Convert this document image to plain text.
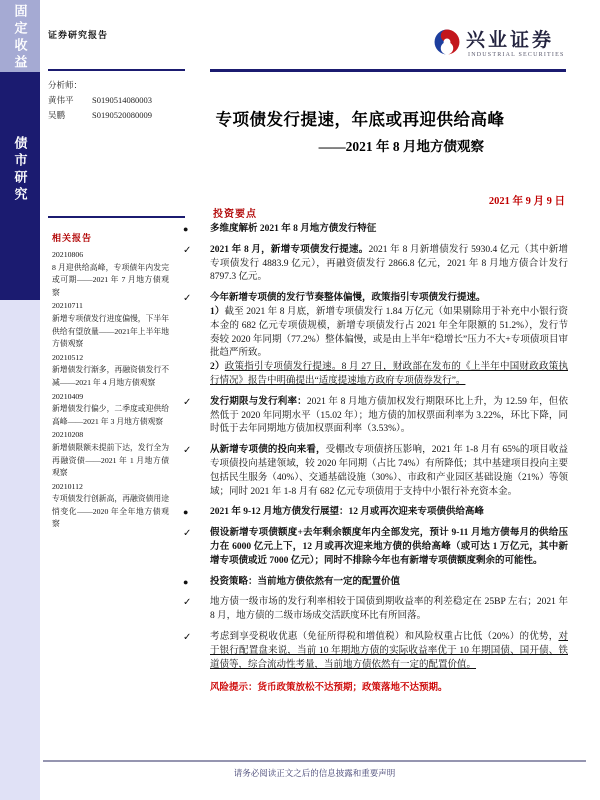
固定收益
债市研究
证券研究报告	兴业证券
INDUSTRIAL SECURITIES
分析师：
黄伟平	S0190514080003
吴鹏	S0190520080009	专项债发行提速，年底或再迎供给高峰
——2021 年 8 月地方债观察
2021 年 9 月 9 日
投资要点
相关报告
20210806
8 月迎供给高峰，专项债年内发完或可期——2021 年 7 月地方债观察
20210711
新增专项债发行进度偏慢，下半年供给有望放量——2021年上半年地方债观察
20210512
新增债发行渐多，再融资债发行不减——2021 年 4 月地方债观察
20210409
新增债发行偏少，二季度或迎供给高峰——2021 年 3 月地方债观察
20210208
新增债限额未提前下达，发行全为再融资债——2021 年 1 月地方债观察
20210112
专项债发行创新高，再融资债用途悄变化——2020 年全年地方债观察
●	多维度解析 2021 年 8 月地方债发行特征
✓	2021 年 8 月，新增专项债发行提速。2021 年 8 月新增债发行 5930.4 亿元（其中新增专项债发行 4883.9 亿元），再融资债发行 2866.8 亿元，2021 年 8 月地方债合计发行 8797.3 亿元。
✓	今年新增专项债的发行节奏整体偏慢，政策指引专项债发行提速。
1）截至 2021 年 8 月底，新增专项债发行 1.84 万亿元（如果剔除用于补充中小银行资本金的 682 亿元专项债规模，新增专项债发行占 2021 年全年限额的 51.2%），发行节奏较 2020 年同期（77.2%）整体偏慢，或是由上半年“稳增长”压力不大+专项债项目审批趋严所致。
2）政策指引专项债发行提速。8 月 27 日，财政部在发布的《上半年中国财政政策执行情况》报告中明确提出“适度提速地方政府专项债券发行”。
✓	发行期限与发行利率：2021 年 8 月地方债加权发行期限环比上升，为 12.59 年，但依然低于 2020 年同期水平（15.02 年）；地方债的加权票面利率为 3.22%，环比下降，同时低于去年同期地方债加权票面利率（3.53%）。
✓	从新增专项债的投向来看，受棚改专项债挤压影响，2021 年 1-8 月有 65%的项目收益专项债投向基建领域，较 2020 年同期（占比 74%）有所降低；其中基建项目投向主要包括民生服务（40%）、交通基础设施（30%）、市政和产业园区基础设施（21%）等领域；同时 2021 年 1-8 月有 682 亿元专项债用于支持中小银行补充资本金。
●	2021 年 9-12 月地方债发行展望：12 月或再次迎来专项债供给高峰
✓	假设新增专项债额度+去年剩余额度年内全部发完，预计 9-11 月地方债每月的供给压力在 6000 亿元上下，12 月或再次迎来地方债的供给高峰（或可达 1 万亿元，其中新增专项债或近 7000 亿元）；同时不排除今年也有新增专项债额度剩余的可能性。
●	投资策略：当前地方债依然有一定的配置价值
✓	地方债一级市场的发行利率相较于国债到期收益率的利差稳定在 25BP 左右；2021 年 8 月，地方债的二级市场成交活跃度环比有所回落。
✓	考虑到享受税收优惠（免征所得税和增值税）和风险权重占比低（20%）的优势，对于银行配置盘来说，当前 10 年期地方债的实际收益率优于 10 年期国债、国开债、铁道债等，综合流动性考量，当前地方债依然有一定的配置价值。
风险提示：货币政策放松不达预期；政策落地不达预期。
请务必阅读正文之后的信息披露和重要声明
